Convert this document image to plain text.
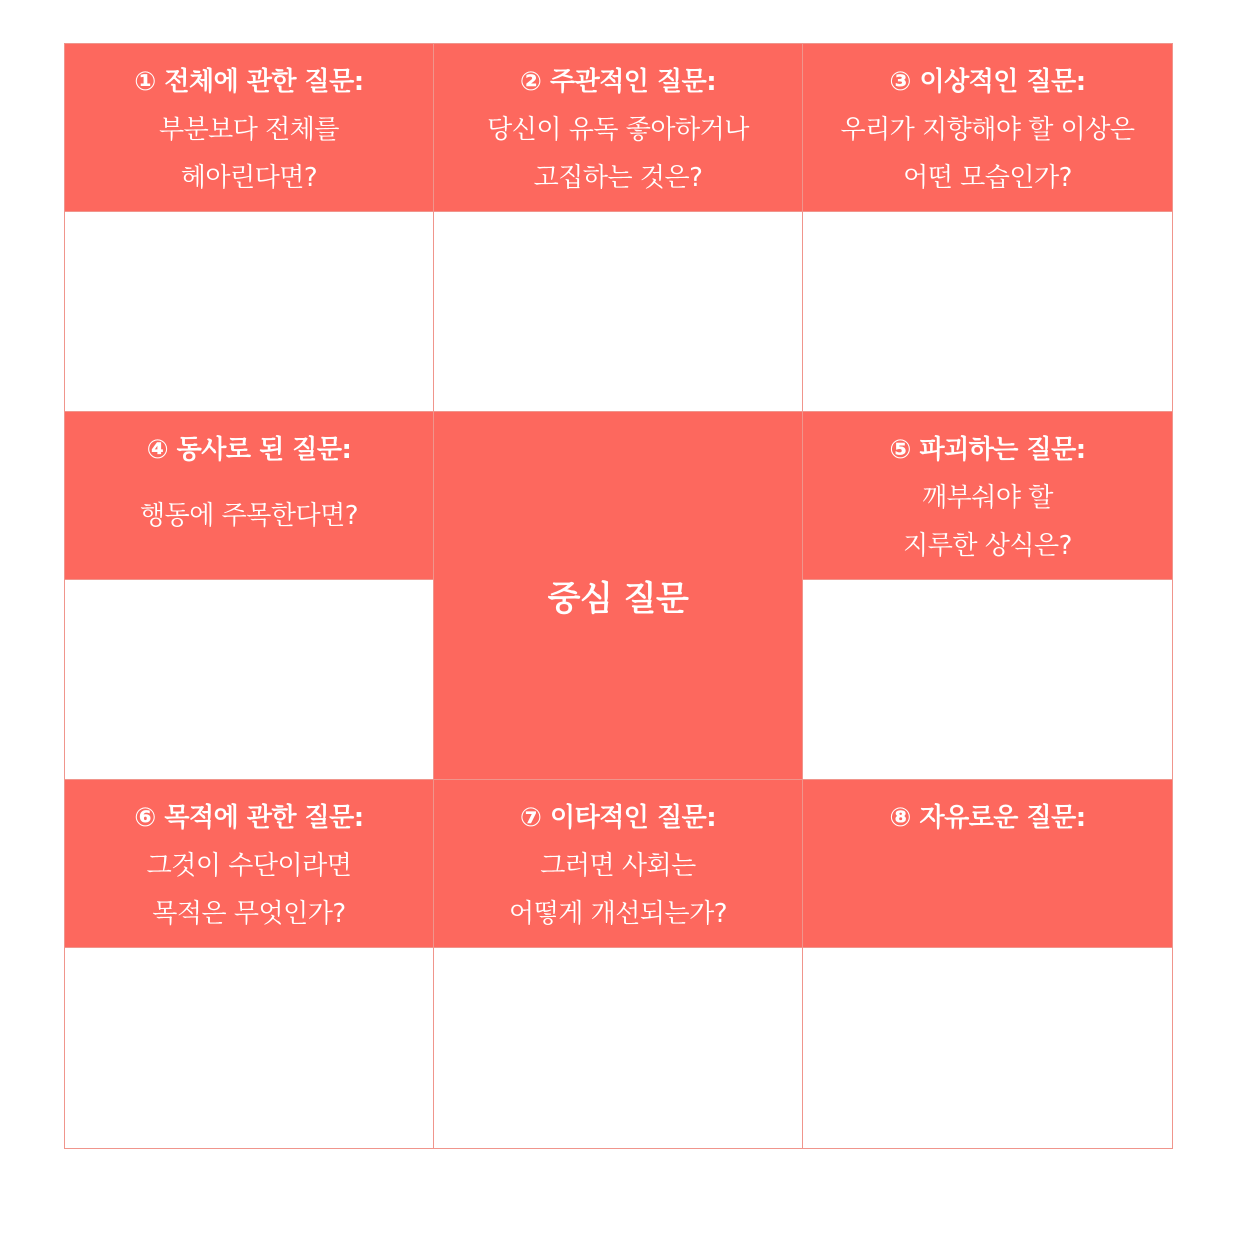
① 전체에 관한 질문:
부분보다 전체를
헤아린다면?
② 주관적인 질문:
당신이 유독 좋아하거나
고집하는 것은?
③ 이상적인 질문:
우리가 지향해야 할 이상은
어떤 모습인가?
④ 동사로 된 질문:
행동에 주목한다면?
중심 질문
⑤ 파괴하는 질문:
깨부숴야 할
지루한 상식은?
⑥ 목적에 관한 질문:
그것이 수단이라면
목적은 무엇인가?
⑦ 이타적인 질문:
그러면 사회는
어떻게 개선되는가?
⑧ 자유로운 질문:
